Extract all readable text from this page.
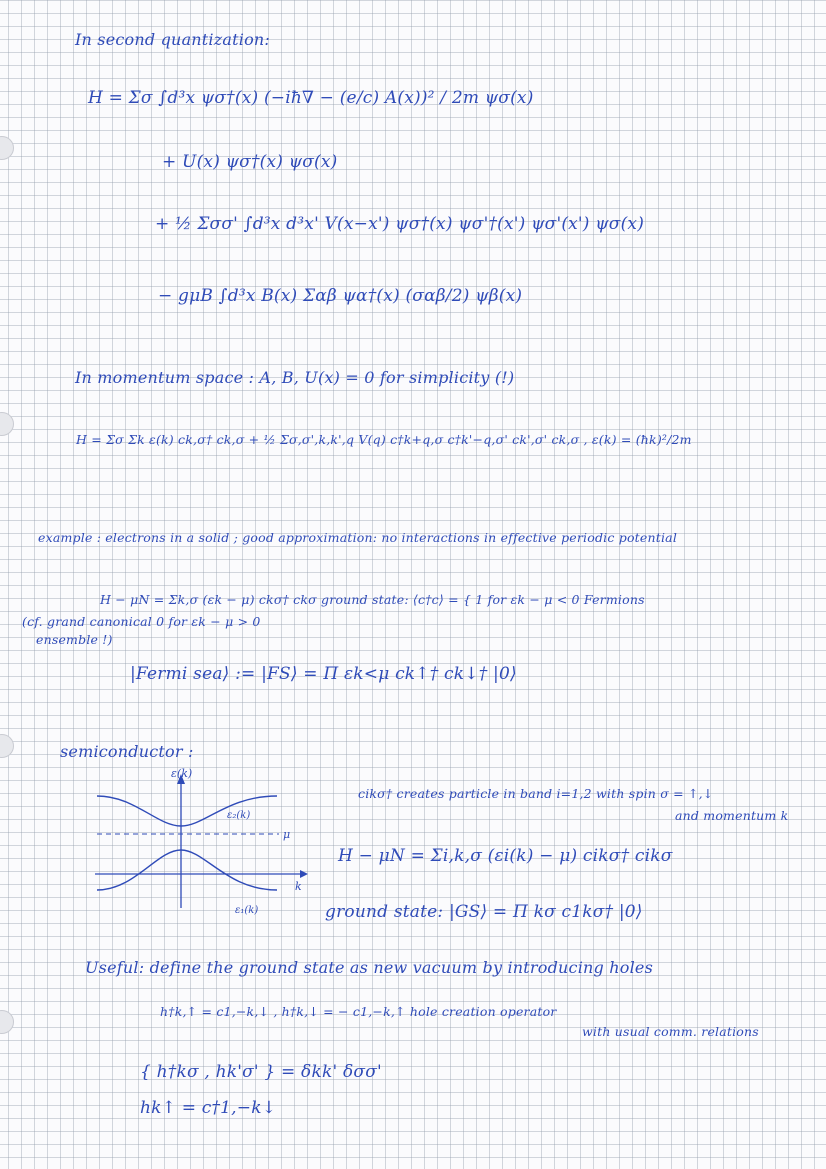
In second quantization:
H = Σσ ∫d³x ψσ†(x) (−iħ∇ − (e/c) A(x))² / 2m ψσ(x)
+ U(x) ψσ†(x) ψσ(x)
+ ½ Σσσ' ∫d³x d³x' V(x−x') ψσ†(x) ψσ'†(x') ψσ'(x') ψσ(x)
− gμB ∫d³x B(x) Σαβ ψα†(x) (σαβ/2) ψβ(x)
In momentum space : A, B, U(x) = 0 for simplicity (!)
H = Σσ Σk ε(k) ck,σ† ck,σ + ½ Σσ,σ',k,k',q V(q) c†k+q,σ c†k'−q,σ' ck',σ' ck,σ , ε(k) = (ħk)²/2m
example : electrons in a solid ; good approximation: no interactions in effective periodic potential
H − μN = Σk,σ (εk − μ) ckσ† ckσ ground state: ⟨c†c⟩ = { 1 for εk − μ < 0 Fermions
(cf. grand canonical 0 for εk − μ > 0
ensemble !)
|Fermi sea⟩ := |FS⟩ = Π εk<μ ck↑† ck↓† |0⟩
semiconductor :
cikσ† creates particle in band i=1,2 with spin σ = ↑,↓
and momentum k
H − μN = Σi,k,σ (εi(k) − μ) cikσ† cikσ
ground state: |GS⟩ = Π kσ c1kσ† |0⟩
Useful: define the ground state as new vacuum by introducing holes
h†k,↑ = c1,−k,↓ , h†k,↓ = − c1,−k,↑ hole creation operator
with usual comm. relations
{ h†kσ , hk'σ' } = δkk' δσσ'
hk↑ = c†1,−k↓
ε(k)
k
μ
ε₂(k)
ε₁(k)
